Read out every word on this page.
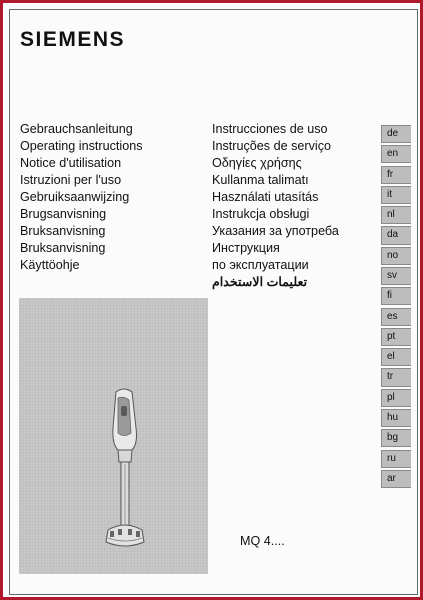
SIEMENS
Gebrauchsanleitung
Operating instructions
Notice d'utilisation
Istruzioni per l'uso
Gebruiksaanwijzing
Brugsanvisning
Bruksanvisning
Bruksanvisning
Käyttöohje
Instrucciones de uso
Instruções de serviço
Οδηγίες χρήσης
Kullanma talimatı
Használati utasítás
Instrukcja obsługi
Указания за употреба
Инструкция
по эксплуатации
تعليمات الاستخدام
MQ 4....
de
en
fr
it
nl
da
no
sv
fi
es
pt
el
tr
pl
hu
bg
ru
ar
